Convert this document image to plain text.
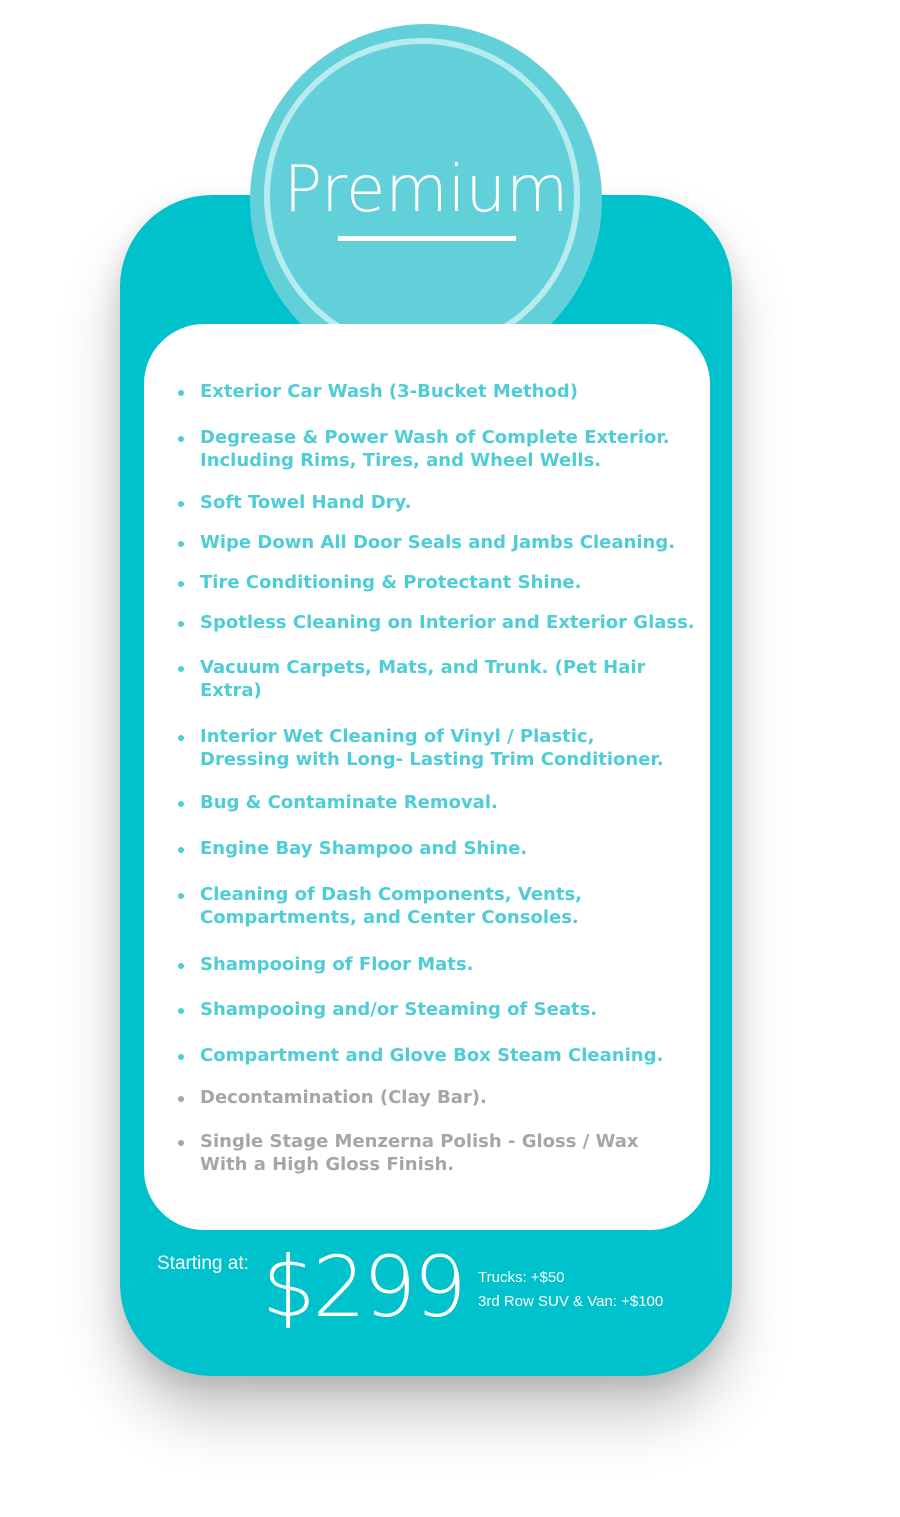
Premium
Exterior Car Wash (3-Bucket Method)
Degrease & Power Wash of Complete Exterior.
Including Rims, Tires, and Wheel Wells.
Soft Towel Hand Dry.
Wipe Down All Door Seals and Jambs Cleaning.
Tire Conditioning & Protectant Shine.
Spotless Cleaning on Interior and Exterior Glass.
Vacuum Carpets, Mats, and Trunk. (Pet Hair
Extra)
Interior Wet Cleaning of Vinyl / Plastic,
Dressing with Long- Lasting Trim Conditioner.
Bug & Contaminate Removal.
Engine Bay Shampoo and Shine.
Cleaning of Dash Components, Vents,
Compartments, and Center Consoles.
Shampooing of Floor Mats.
Shampooing and/or Steaming of Seats.
Compartment and Glove Box Steam Cleaning.
Decontamination (Clay Bar).
Single Stage Menzerna Polish - Gloss / Wax
With a High Gloss Finish.
Starting at: $299 Trucks: +$50
3rd Row SUV & Van: +$100
